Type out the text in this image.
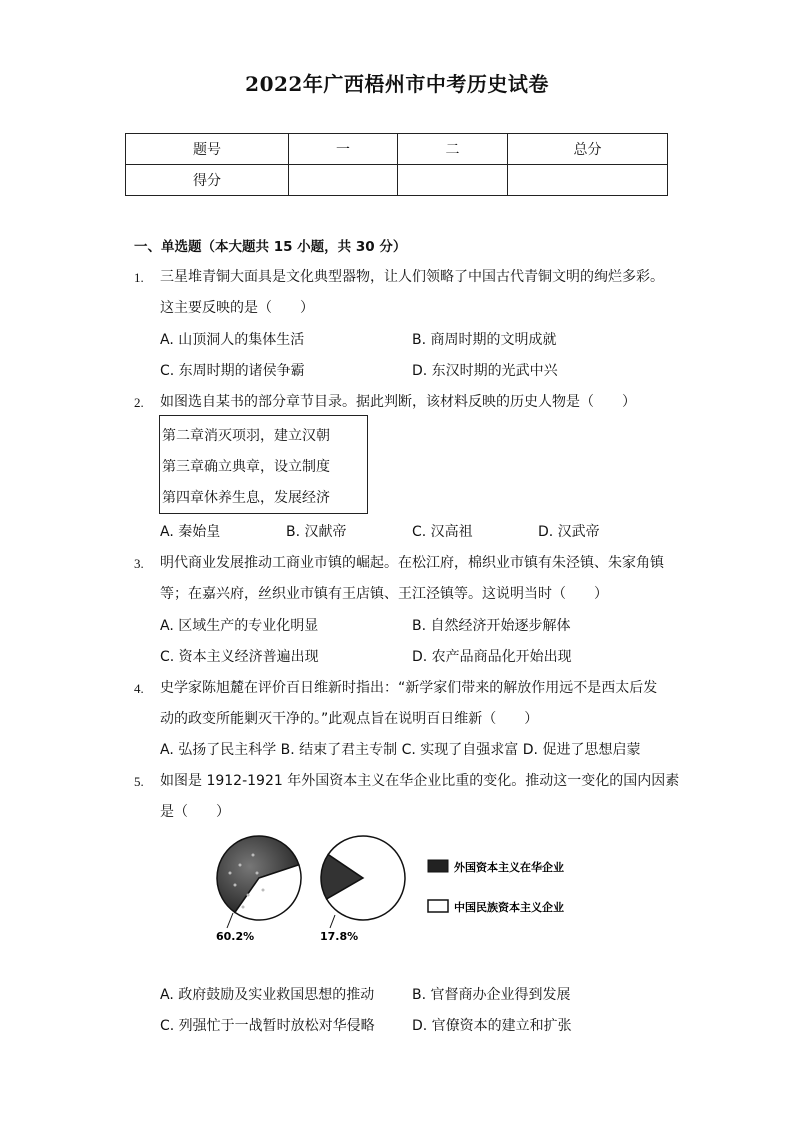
2022年广西梧州市中考历史试卷
题号	一	二	总分
得分			
一、单选题（本大题共 15 小题，共 30 分）
1. 三星堆青铜大面具是文化典型器物，让人们领略了中国古代青铜文明的绚烂多彩。
这主要反映的是（　　）
A. 山顶洞人的集体生活	B. 商周时期的文明成就
C. 东周时期的诸侯争霸	D. 东汉时期的光武中兴
2. 如图选自某书的部分章节目录。据此判断，该材料反映的历史人物是（　　）
第二章消灭项羽，建立汉朝
第三章确立典章，设立制度
第四章休养生息，发展经济
A. 秦始皇	B. 汉献帝	C. 汉高祖	D. 汉武帝
3. 明代商业发展推动工商业市镇的崛起。在松江府，棉织业市镇有朱泾镇、朱家角镇
等；在嘉兴府，丝织业市镇有王店镇、王江泾镇等。这说明当时（　　）
A. 区域生产的专业化明显	B. 自然经济开始逐步解体
C. 资本主义经济普遍出现	D. 农产品商品化开始出现
4. 史学家陈旭麓在评价百日维新时指出：“新学家们带来的解放作用远不是西太后发
动的政变所能剿灭干净的。”此观点旨在说明百日维新（　　）
A. 弘扬了民主科学 B. 结束了君主专制 C. 实现了自强求富 D. 促进了思想启蒙
5. 如图是 1912-1921 年外国资本主义在华企业比重的变化。推动这一变化的国内因素
是（　　）
60.2%	17.8%
外国资本主义在华企业
中国民族资本主义企业
A. 政府鼓励及实业救国思想的推动	B. 官督商办企业得到发展
C. 列强忙于一战暂时放松对华侵略	D. 官僚资本的建立和扩张
